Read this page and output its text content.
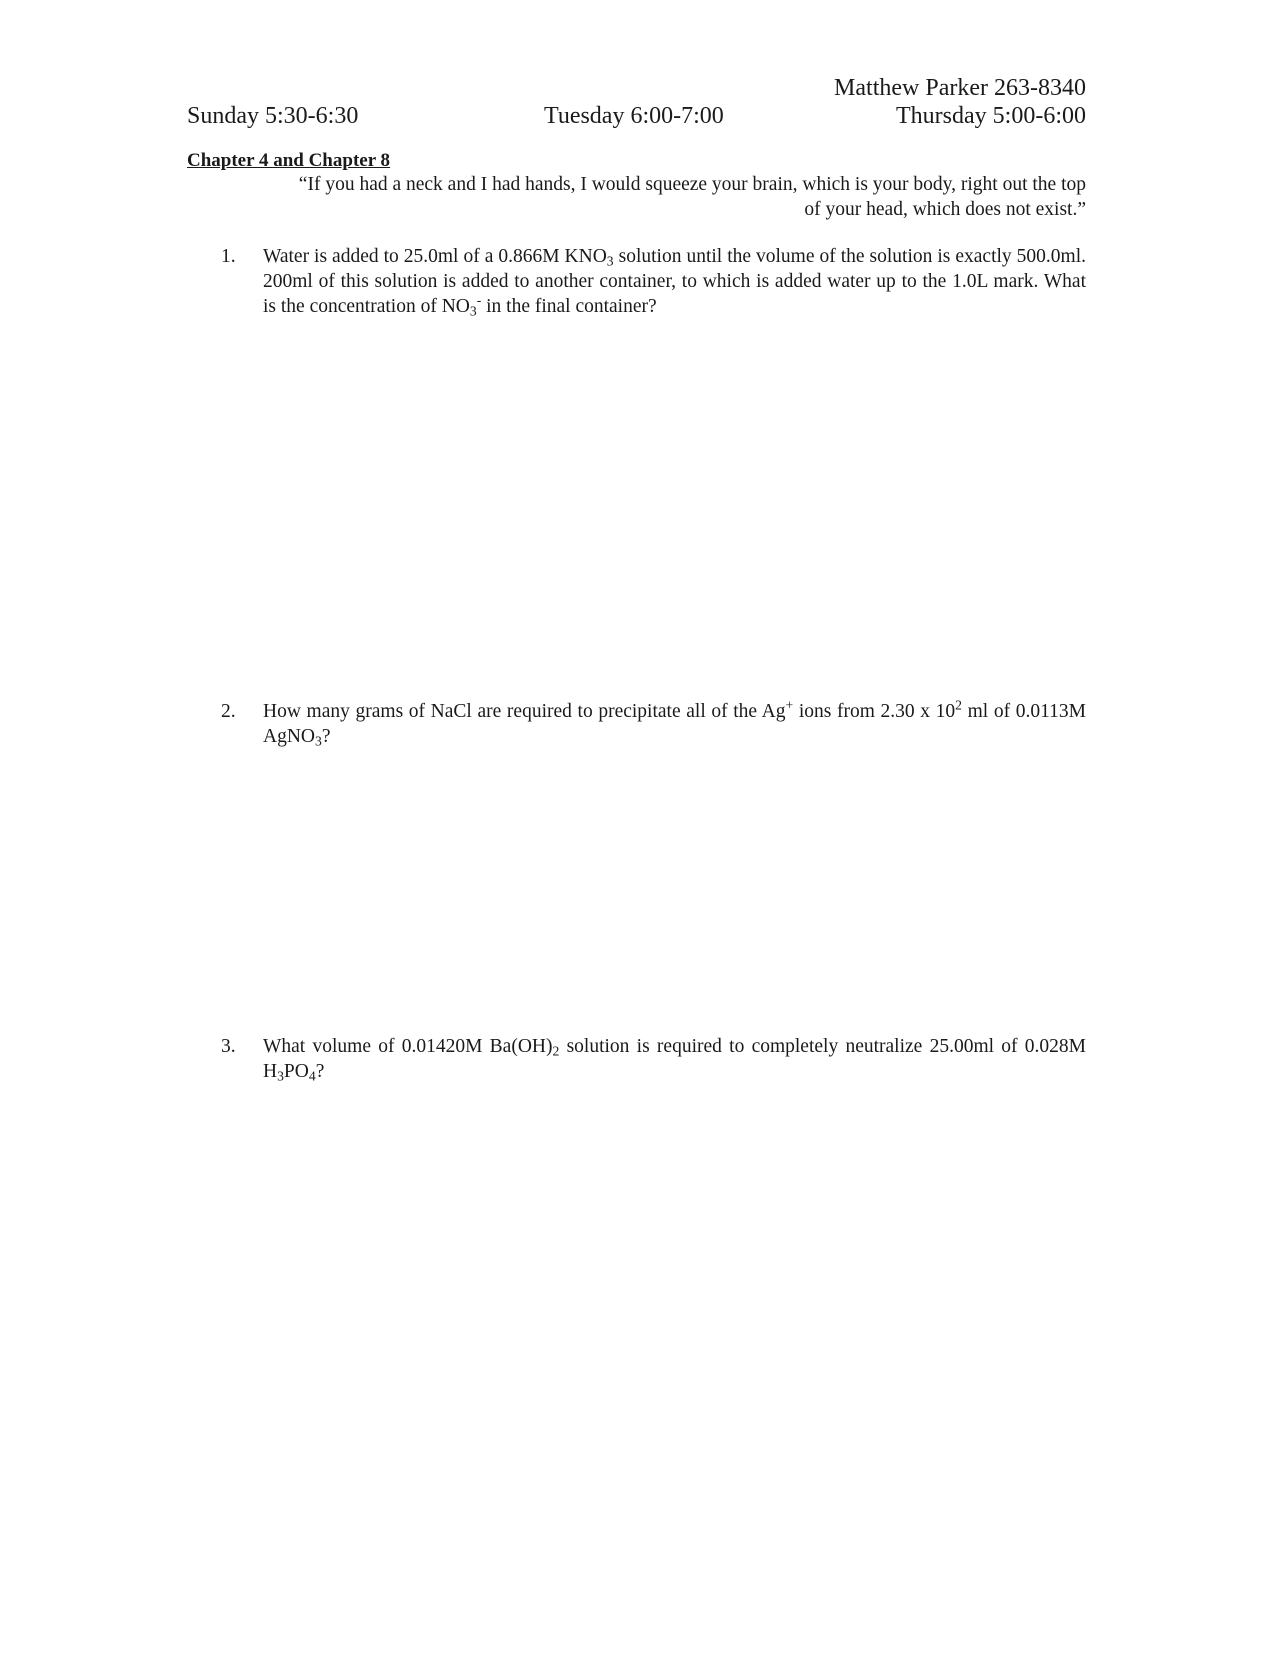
Matthew Parker 263-8340
Sunday 5:30-6:30	Tuesday 6:00-7:00	Thursday 5:00-6:00
Chapter 4 and Chapter 8
“If you had a neck and I had hands, I would squeeze your brain, which is your body, right out the top
of your head, which does not exist.”
1.	Water is added to 25.0ml of a 0.866M $KNO_3$ solution until the volume of the solution is exactly 500.0ml. 200ml of this solution is added to another container, to which is added water up to the 1.0L mark. What is the concentration of $NO_3^-$ in the final container?
2.	How many grams of NaCl are required to precipitate all of the Ag+ ions from 2.30 x $10^2$ ml of 0.0113M AgNO$_3$?
3.	What volume of 0.01420M $Ba(OH)_2$ solution is required to completely neutralize 25.00ml of 0.028M $H_3PO_4$?
